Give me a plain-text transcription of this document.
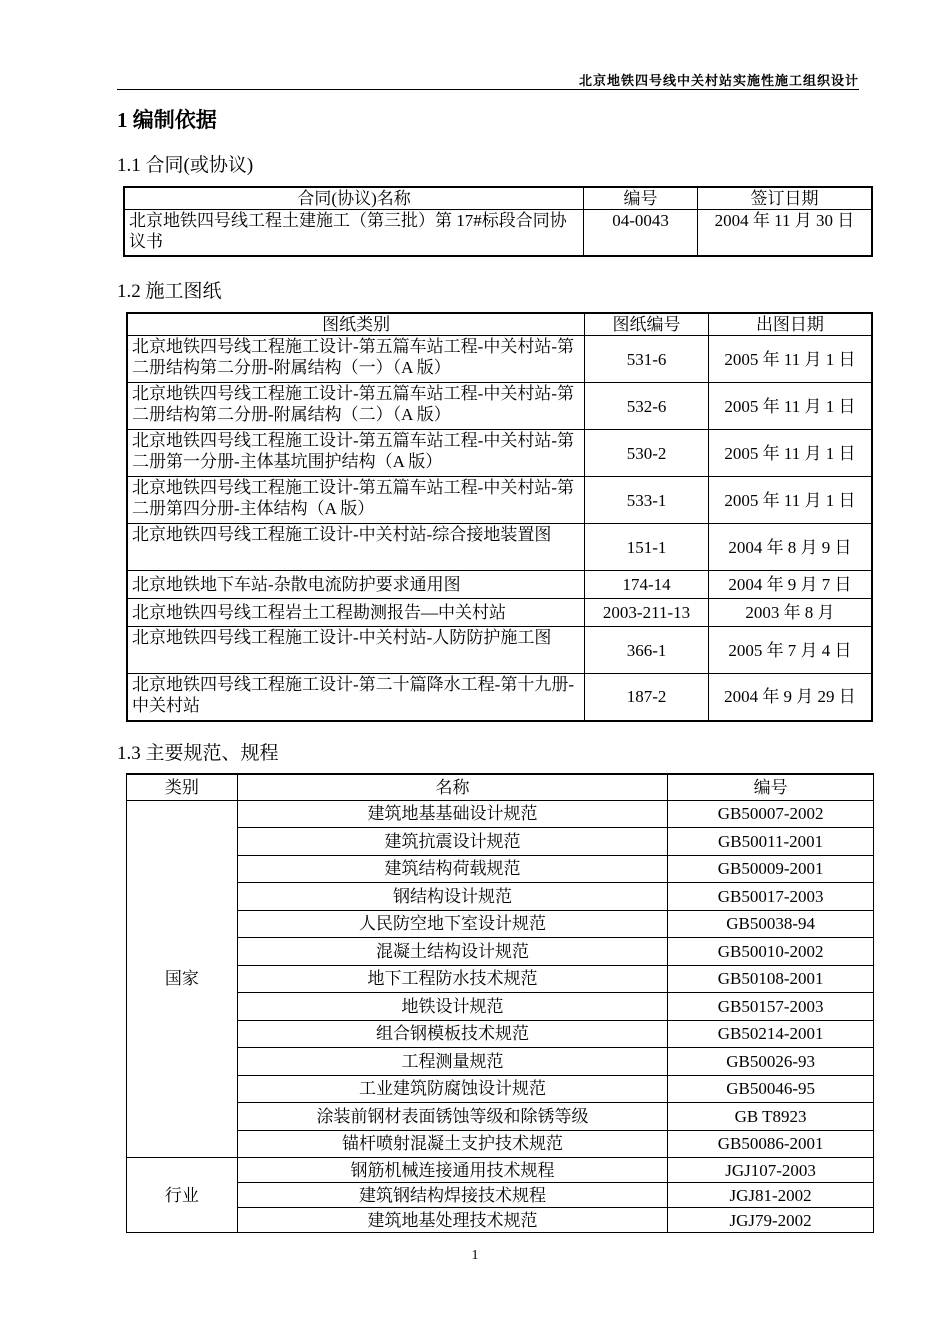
北京地铁四号线中关村站实施性施工组织设计
1 编制依据
1.1 合同(或协议)
合同(协议)名称	编号	签订日期
北京地铁四号线工程土建施工（第三批）第 17#标段合同协议书	04-0043	2004 年 11 月 30 日
1.2 施工图纸
图纸类别	图纸编号	出图日期
北京地铁四号线工程施工设计-第五篇车站工程-中关村站-第二册结构第二分册-附属结构（一）（A 版）	531-6	2005 年 11 月 1 日
北京地铁四号线工程施工设计-第五篇车站工程-中关村站-第二册结构第二分册-附属结构（二）（A 版）	532-6	2005 年 11 月 1 日
北京地铁四号线工程施工设计-第五篇车站工程-中关村站-第二册第一分册-主体基坑围护结构（A 版）	530-2	2005 年 11 月 1 日
北京地铁四号线工程施工设计-第五篇车站工程-中关村站-第二册第四分册-主体结构（A 版）	533-1	2005 年 11 月 1 日
北京地铁四号线工程施工设计-中关村站-综合接地装置图	151-1	2004 年 8 月 9 日
北京地铁地下车站-杂散电流防护要求通用图	174-14	2004 年 9 月 7 日
北京地铁四号线工程岩土工程勘测报告—中关村站	2003-211-13	2003 年 8 月
北京地铁四号线工程施工设计-中关村站-人防防护施工图	366-1	2005 年 7 月 4 日
北京地铁四号线工程施工设计-第二十篇降水工程-第十九册-中关村站	187-2	2004 年 9 月 29 日
1.3 主要规范、规程
类别	名称	编号
国家	建筑地基基础设计规范	GB50007-2002
	建筑抗震设计规范	GB50011-2001
	建筑结构荷载规范	GB50009-2001
	钢结构设计规范	GB50017-2003
	人民防空地下室设计规范	GB50038-94
	混凝土结构设计规范	GB50010-2002
	地下工程防水技术规范	GB50108-2001
	地铁设计规范	GB50157-2003
	组合钢模板技术规范	GB50214-2001
	工程测量规范	GB50026-93
	工业建筑防腐蚀设计规范	GB50046-95
	涂装前钢材表面锈蚀等级和除锈等级	GB T8923
	锚杆喷射混凝土支护技术规范	GB50086-2001
行业	钢筋机械连接通用技术规程	JGJ107-2003
	建筑钢结构焊接技术规程	JGJ81-2002
	建筑地基处理技术规范	JGJ79-2002
1
